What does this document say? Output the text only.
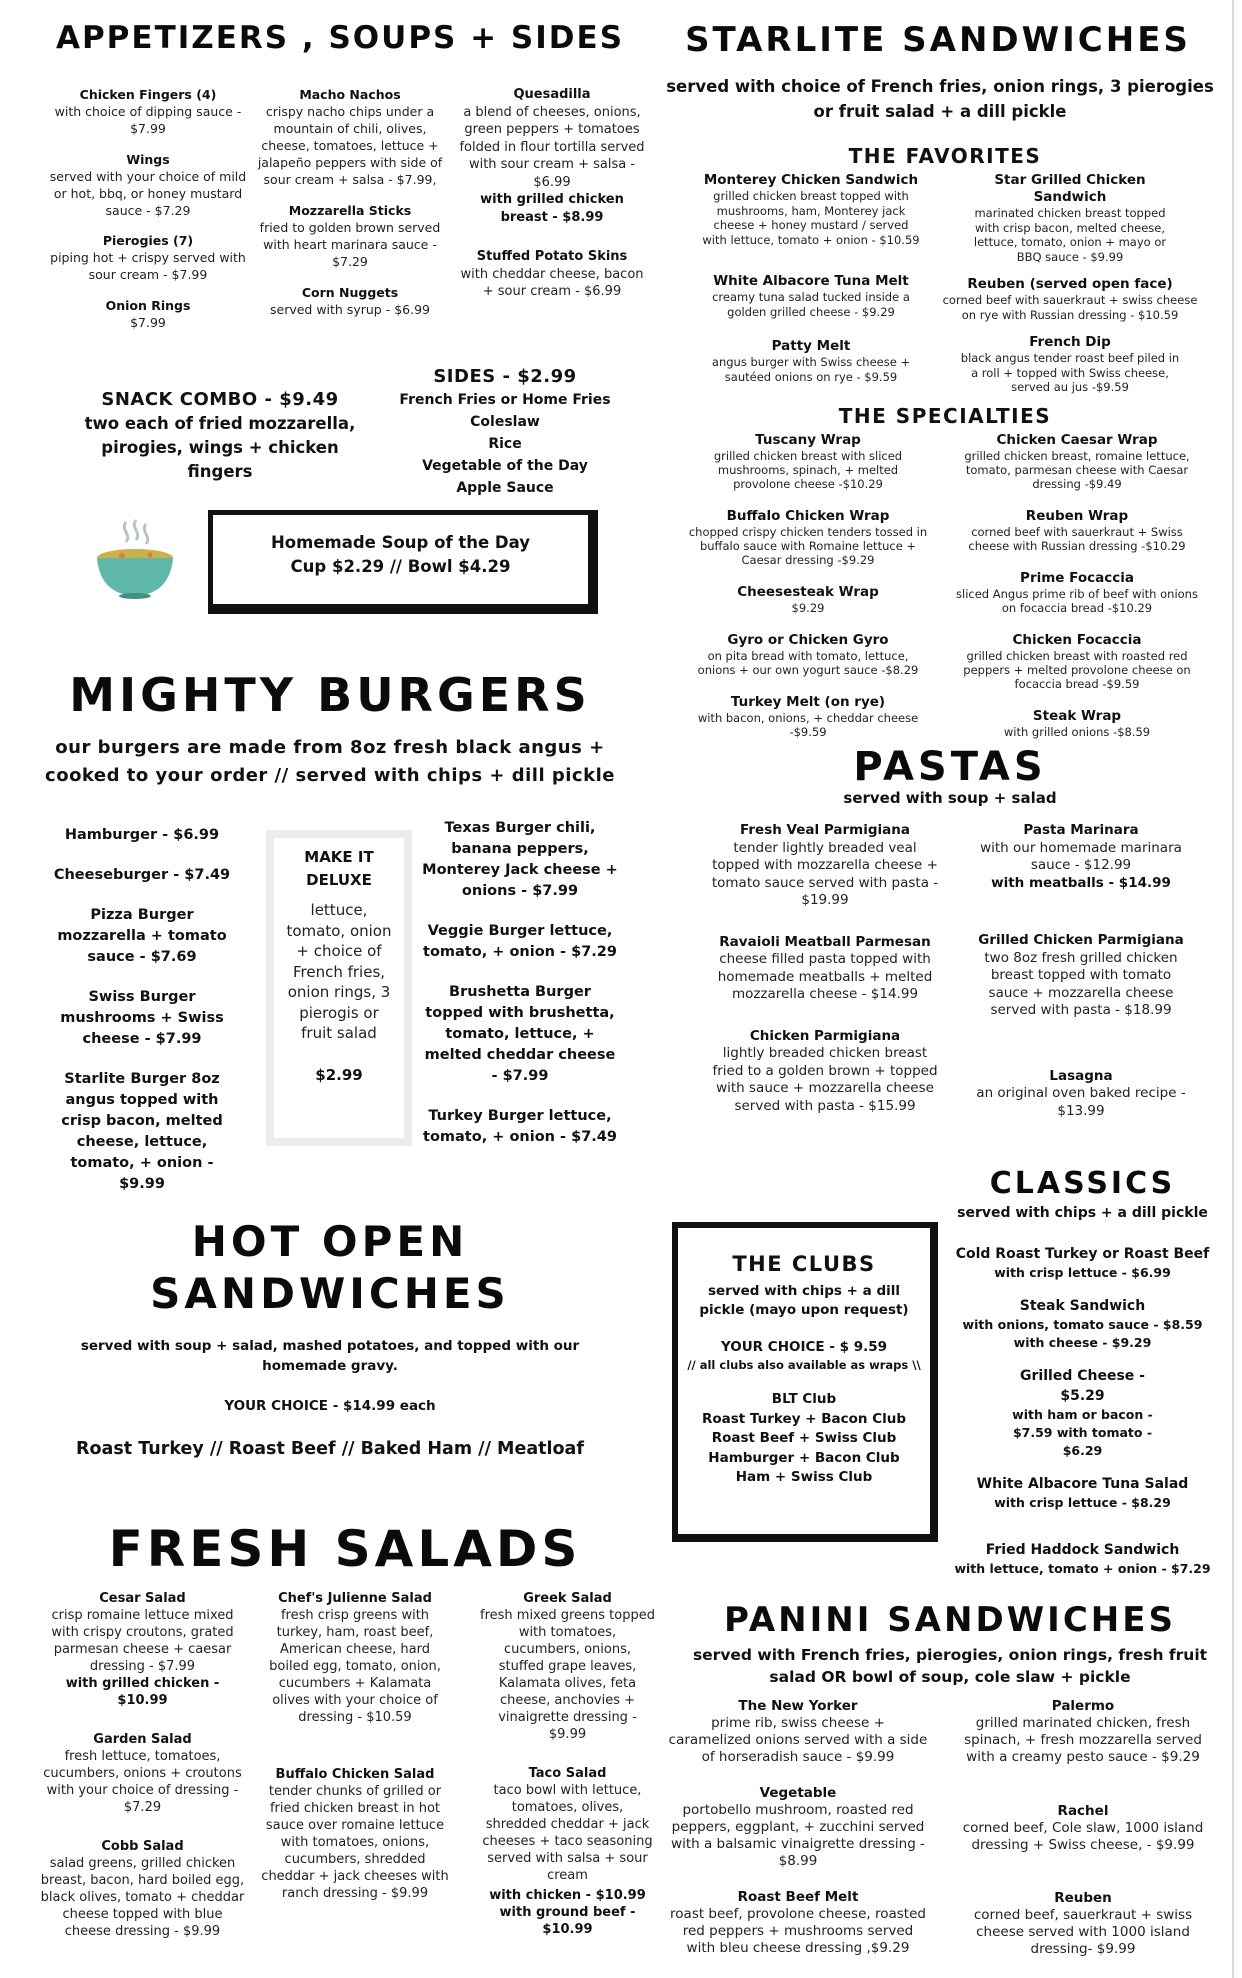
APPETIZERS , SOUPS + SIDES
Chicken Fingers (4)
with choice of dipping sauce - $7.99
Wings
served with your choice of mild or hot, bbq, or honey mustard sauce - $7.29
Pierogies (7)
piping hot + crispy served with sour cream - $7.99
Onion Rings
$7.99
Macho Nachos
crispy nacho chips under a mountain of chili, olives, cheese, tomatoes, lettuce + jalapeño peppers with side of sour cream + salsa - $7.99,
Mozzarella Sticks
fried to golden brown served with heart marinara sauce - $7.29
Corn Nuggets
served with syrup - $6.99
Quesadilla
a blend of cheeses, onions, green peppers + tomatoes folded in flour tortilla served with sour cream + salsa - $6.99
with grilled chicken breast - $8.99
Stuffed Potato Skins
with cheddar cheese, bacon + sour cream - $6.99
SNACK COMBO - $9.49
two each of fried mozzarella, pirogies, wings + chicken fingers
SIDES - $2.99
French Fries or Home Fries
Coleslaw
Rice
Vegetable of the Day
Apple Sauce
Homemade Soup of the Day
Cup $2.29 // Bowl $4.29
MIGHTY BURGERS
our burgers are made from 8oz fresh black angus + cooked to your order // served with chips + dill pickle
Hamburger - $6.99
Cheeseburger - $7.49
Pizza Burger mozzarella + tomato sauce - $7.69
Swiss Burger mushrooms + Swiss cheese - $7.99
Starlite Burger 8oz angus topped with crisp bacon, melted cheese, lettuce, tomato, + onion - $9.99
MAKE IT DELUXE
lettuce, tomato, onion + choice of French fries, onion rings, 3 pierogis or fruit salad
$2.99
Texas Burger chili, banana peppers, Monterey Jack cheese + onions - $7.99
Veggie Burger lettuce, tomato, + onion - $7.29
Brushetta Burger topped with brushetta, tomato, lettuce, + melted cheddar cheese - $7.99
Turkey Burger lettuce, tomato, + onion - $7.49
HOT OPEN
SANDWICHES
served with soup + salad, mashed potatoes, and topped with our homemade gravy.
YOUR CHOICE - $14.99 each
Roast Turkey // Roast Beef // Baked Ham // Meatloaf
FRESH SALADS
Cesar Salad
crisp romaine lettuce mixed with crispy croutons, grated parmesan cheese + caesar dressing - $7.99
with grilled chicken - $10.99
Garden Salad
fresh lettuce, tomatoes, cucumbers, onions + croutons with your choice of dressing - $7.29
Cobb Salad
salad greens, grilled chicken breast, bacon, hard boiled egg, black olives, tomato + cheddar cheese topped with blue cheese dressing - $9.99
Chef's Julienne Salad
fresh crisp greens with turkey, ham, roast beef, American cheese, hard boiled egg, tomato, onion, cucumbers + Kalamata olives with your choice of dressing - $10.59
Buffalo Chicken Salad
tender chunks of grilled or fried chicken breast in hot sauce over romaine lettuce with tomatoes, onions, cucumbers, shredded cheddar + jack cheeses with ranch dressing - $9.99
Greek Salad
fresh mixed greens topped with tomatoes, cucumbers, onions, stuffed grape leaves, Kalamata olives, feta cheese, anchovies + vinaigrette dressing - $9.99
Taco Salad
taco bowl with lettuce, tomatoes, olives, shredded cheddar + jack cheeses + taco seasoning served with salsa + sour cream
with chicken - $10.99 with ground beef - $10.99
STARLITE SANDWICHES
served with choice of French fries, onion rings, 3 pierogies or fruit salad + a dill pickle
THE FAVORITES
Monterey Chicken Sandwich
grilled chicken breast topped with mushrooms, ham, Monterey jack cheese + honey mustard / served with lettuce, tomato + onion - $10.59
White Albacore Tuna Melt
creamy tuna salad tucked inside a golden grilled cheese - $9.29
Patty Melt
angus burger with Swiss cheese + sautéed onions on rye - $9.59
Star Grilled Chicken Sandwich
marinated chicken breast topped with crisp bacon, melted cheese, lettuce, tomato, onion + mayo or BBQ sauce - $9.99
Reuben (served open face)
corned beef with sauerkraut + swiss cheese on rye with Russian dressing - $10.59
French Dip
black angus tender roast beef piled in a roll + topped with Swiss cheese, served au jus -$9.59
THE SPECIALTIES
Tuscany Wrap
grilled chicken breast with sliced mushrooms, spinach, + melted provolone cheese -$10.29
Buffalo Chicken Wrap
chopped crispy chicken tenders tossed in buffalo sauce with Romaine lettuce + Caesar dressing -$9.29
Cheesesteak Wrap
$9.29
Gyro or Chicken Gyro
on pita bread with tomato, lettuce, onions + our own yogurt sauce -$8.29
Turkey Melt (on rye)
with bacon, onions, + cheddar cheese -$9.59
Chicken Caesar Wrap
grilled chicken breast, romaine lettuce, tomato, parmesan cheese with Caesar dressing -$9.49
Reuben Wrap
corned beef with sauerkraut + Swiss cheese with Russian dressing -$10.29
Prime Focaccia
sliced Angus prime rib of beef with onions on focaccia bread -$10.29
Chicken Focaccia
grilled chicken breast with roasted red peppers + melted provolone cheese on focaccia bread -$9.59
Steak Wrap
with grilled onions -$8.59
PASTAS
served with soup + salad
Fresh Veal Parmigiana
tender lightly breaded veal topped with mozzarella cheese + tomato sauce served with pasta - $19.99
Ravaioli Meatball Parmesan
cheese filled pasta topped with homemade meatballs + melted mozzarella cheese - $14.99
Chicken Parmigiana
lightly breaded chicken breast fried to a golden brown + topped with sauce + mozzarella cheese served with pasta - $15.99
Pasta Marinara
with our homemade marinara sauce - $12.99
with meatballs - $14.99
Grilled Chicken Parmigiana
two 8oz fresh grilled chicken breast topped with tomato sauce + mozzarella cheese served with pasta - $18.99
Lasagna
an original oven baked recipe - $13.99
THE CLUBS
served with chips + a dill pickle (mayo upon request)
YOUR CHOICE - $ 9.59
// all clubs also available as wraps \\
BLT Club
Roast Turkey + Bacon Club
Roast Beef + Swiss Club
Hamburger + Bacon Club
Ham + Swiss Club
CLASSICS
served with chips + a dill pickle
Cold Roast Turkey or Roast Beef
with crisp lettuce - $6.99
Steak Sandwich
with onions, tomato sauce - $8.59 with cheese - $9.29
Grilled Cheese - $5.29
with ham or bacon - $7.59 with tomato - $6.29
White Albacore Tuna Salad
with crisp lettuce - $8.29
Fried Haddock Sandwich
with lettuce, tomato + onion - $7.29
PANINI SANDWICHES
served with French fries, pierogies, onion rings, fresh fruit salad OR bowl of soup, cole slaw + pickle
The New Yorker
prime rib, swiss cheese + caramelized onions served with a side of horseradish sauce - $9.99
Vegetable
portobello mushroom, roasted red peppers, eggplant, + zucchini served with a balsamic vinaigrette dressing - $8.99
Roast Beef Melt
roast beef, provolone cheese, roasted red peppers + mushrooms served with bleu cheese dressing ,$9.29
Palermo
grilled marinated chicken, fresh spinach, + fresh mozzarella served with a creamy pesto sauce - $9.29
Rachel
corned beef, Cole slaw, 1000 island dressing + Swiss cheese, - $9.99
Reuben
corned beef, sauerkraut + swiss cheese served with 1000 island dressing- $9.99
